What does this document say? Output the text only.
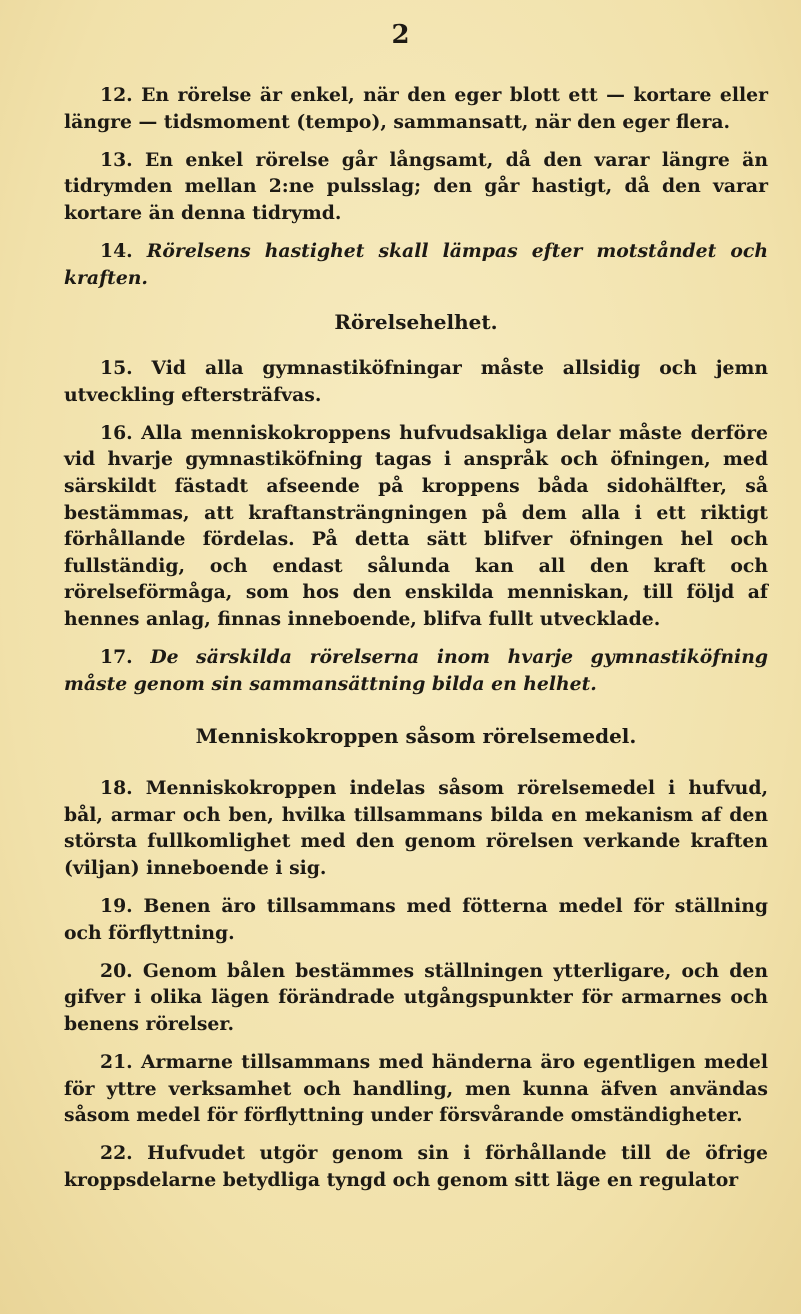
2

12. En rörelse är enkel, när den eger blott ett — kortare eller längre — tidsmoment (tempo), sammansatt, när den eger flera.

13. En enkel rörelse går långsamt, då den varar längre än tidrymden mellan 2:ne pulsslag; den går hastigt, då den varar kortare än denna tidrymd.

14. Rörelsens hastighet skall lämpas efter motståndet och kraften.

Rörelsehelhet.

15. Vid alla gymnastiköfningar måste allsidig och jemn utveckling eftersträfvas.

16. Alla menniskokroppens hufvudsakliga delar måste derföre vid hvarje gymnastiköfning tagas i anspråk och öfningen, med särskildt fästadt afseende på kroppens båda sidohälfter, så bestämmas, att kraftansträngningen på dem alla i ett riktigt förhållande fördelas. På detta sätt blifver öfningen hel och fullständig, och endast sålunda kan all den kraft och rörelseförmåga, som hos den enskilda menniskan, till följd af hennes anlag, finnas inneboende, blifva fullt utvecklade.

17. De särskilda rörelserna inom hvarje gymnastiköfning måste genom sin sammansättning bilda en helhet.

Menniskokroppen såsom rörelsemedel.

18. Menniskokroppen indelas såsom rörelsemedel i hufvud, bål, armar och ben, hvilka tillsammans bilda en mekanism af den största fullkomlighet med den genom rörelsen verkande kraften (viljan) inneboende i sig.

19. Benen äro tillsammans med fötterna medel för ställning och förflyttning.

20. Genom bålen bestämmes ställningen ytterligare, och den gifver i olika lägen förändrade utgångspunkter för armarnes och benens rörelser.

21. Armarne tillsammans med händerna äro egentligen medel för yttre verksamhet och handling, men kunna äfven användas såsom medel för förflyttning under försvårande omständigheter.

22. Hufvudet utgör genom sin i förhållande till de öfrige kroppsdelarne betydliga tyngd och genom sitt läge en regulator
